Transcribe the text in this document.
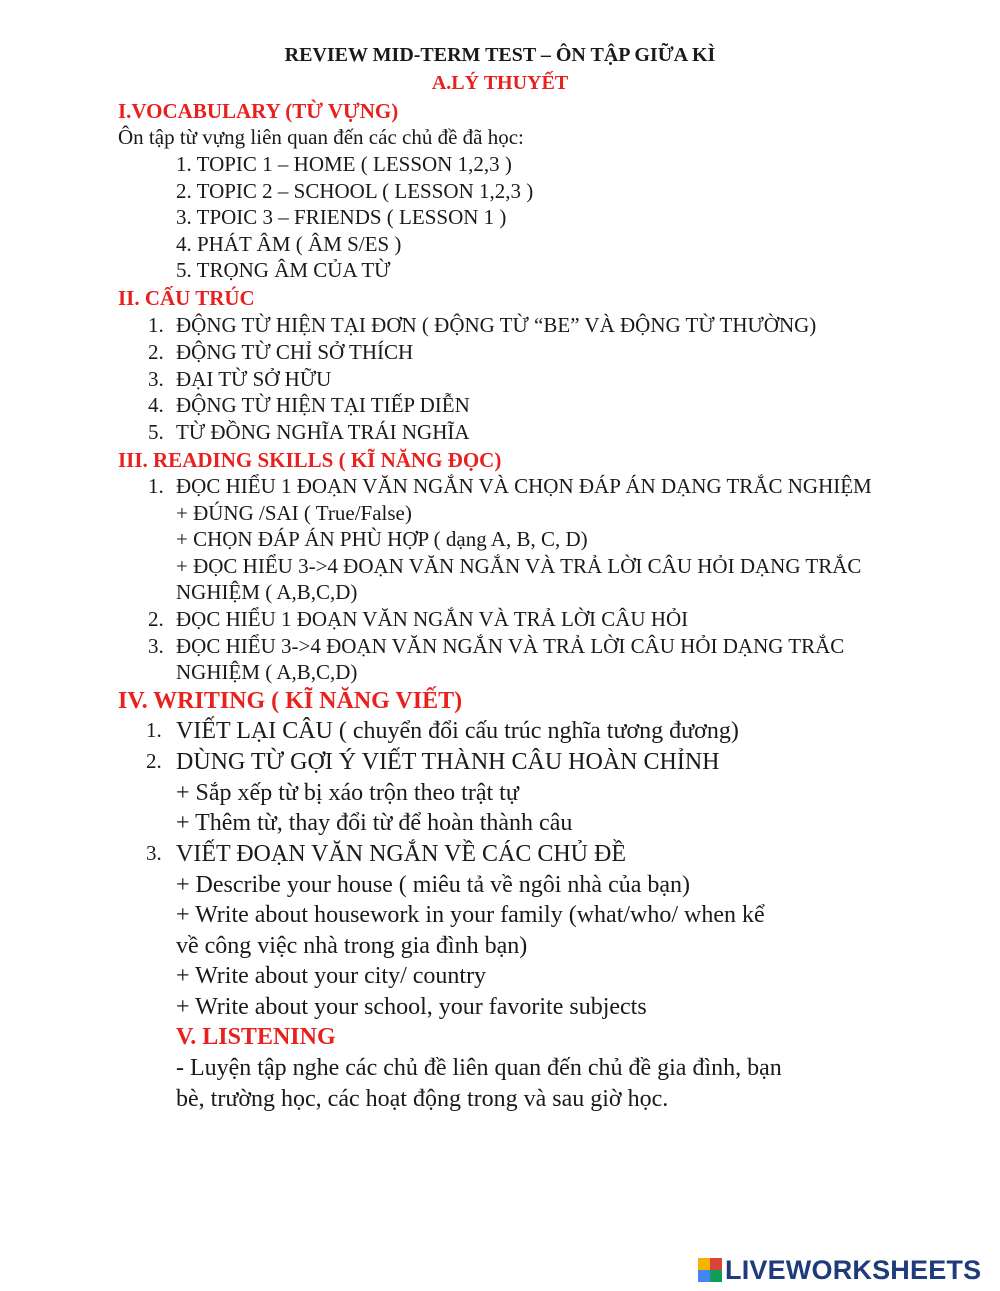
REVIEW MID-TERM TEST – ÔN TẬP GIỮA KÌ
A.LÝ THUYẾT
I.VOCABULARY (TỪ VỰNG)
Ôn tập từ vựng liên quan đến các chủ đề đã học:
1. TOPIC 1 – HOME ( LESSON 1,2,3 )
2. TOPIC 2 – SCHOOL ( LESSON 1,2,3 )
3. TPOIC 3 – FRIENDS ( LESSON 1 )
4. PHÁT ÂM ( ÂM S/ES )
5. TRỌNG ÂM CỦA TỪ
II. CẤU TRÚC
1. ĐỘNG TỪ HIỆN TẠI ĐƠN ( ĐỘNG TỪ “BE” VÀ ĐỘNG TỪ THƯỜNG)
2. ĐỘNG TỪ CHỈ SỞ THÍCH
3. ĐẠI TỪ SỞ HỮU
4. ĐỘNG TỪ HIỆN TẠI TIẾP DIỄN
5. TỪ ĐỒNG NGHĨA TRÁI NGHĨA
III. READING SKILLS ( KĨ NĂNG ĐỌC)
1. ĐỌC HIỂU 1 ĐOẠN VĂN NGẮN VÀ CHỌN ĐÁP ÁN DẠNG TRẮC NGHIỆM
+ ĐÚNG /SAI ( True/False)
+ CHỌN ĐÁP ÁN PHÙ HỢP ( dạng A, B, C, D)
+ ĐỌC HIỂU 3->4 ĐOẠN VĂN NGẮN VÀ TRẢ LỜI CÂU HỎI DẠNG TRẮC
NGHIỆM ( A,B,C,D)
2. ĐỌC HIỂU 1 ĐOẠN VĂN NGẮN VÀ TRẢ LỜI CÂU HỎI
3. ĐỌC HIỂU 3->4 ĐOẠN VĂN NGẮN VÀ TRẢ LỜI CÂU HỎI DẠNG TRẮC
NGHIỆM ( A,B,C,D)
IV. WRITING ( KĨ NĂNG VIẾT)
1. VIẾT LẠI CÂU ( chuyển đổi cấu trúc nghĩa tương đương)
2. DÙNG TỪ GỢI Ý VIẾT THÀNH CÂU HOÀN CHỈNH
+ Sắp xếp từ bị xáo trộn theo trật tự
+ Thêm từ, thay đổi từ để hoàn thành câu
3. VIẾT ĐOẠN VĂN NGẮN VỀ CÁC CHỦ ĐỀ
+ Describe your house ( miêu tả về ngôi nhà của bạn)
+ Write about housework in your family (what/who/ when kể
về công việc nhà trong gia đình bạn)
+ Write about your city/ country
+ Write about your school, your favorite subjects
V. LISTENING
- Luyện tập nghe các chủ đề liên quan đến chủ đề gia đình, bạn
bè, trường học, các hoạt động trong và sau giờ học.
LIVEWORKSHEETS
